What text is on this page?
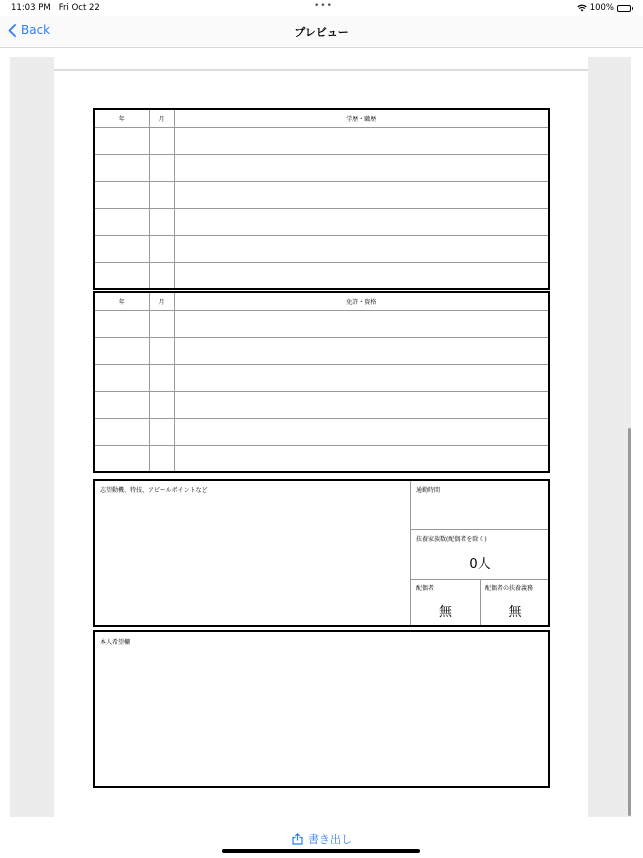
11:03 PM Fri Oct 22	•••	100%
Back	プレビュー
年	月	学歴・職歴

年	月	免許・資格

志望動機、特技、アピールポイントなど	通勤時間
扶養家族数(配偶者を除く)
0人
配偶者
無
配偶者の扶養義務
無
本人希望欄
書き出し
